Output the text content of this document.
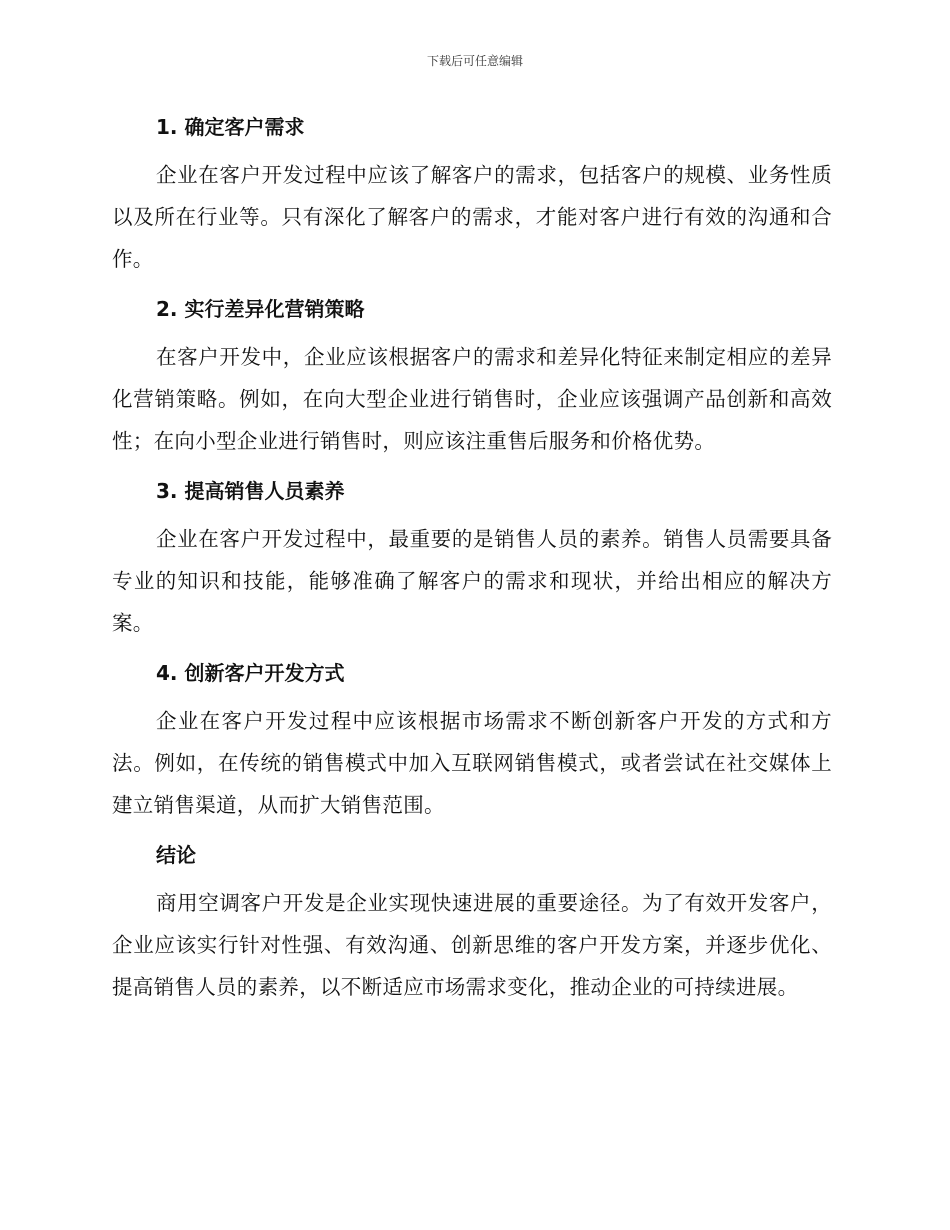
下载后可任意编辑
1. 确定客户需求

企业在客户开发过程中应该了解客户的需求，包括客户的规模、业务性质以及所在行业等。只有深化了解客户的需求，才能对客户进行有效的沟通和合作。

2. 实行差异化营销策略

在客户开发中，企业应该根据客户的需求和差异化特征来制定相应的差异化营销策略。例如，在向大型企业进行销售时，企业应该强调产品创新和高效性；在向小型企业进行销售时，则应该注重售后服务和价格优势。

3. 提高销售人员素养

企业在客户开发过程中，最重要的是销售人员的素养。销售人员需要具备专业的知识和技能，能够准确了解客户的需求和现状，并给出相应的解决方案。

4. 创新客户开发方式

企业在客户开发过程中应该根据市场需求不断创新客户开发的方式和方法。例如，在传统的销售模式中加入互联网销售模式，或者尝试在社交媒体上建立销售渠道，从而扩大销售范围。

结论

商用空调客户开发是企业实现快速进展的重要途径。为了有效开发客户，企业应该实行针对性强、有效沟通、创新思维的客户开发方案，并逐步优化、提高销售人员的素养，以不断适应市场需求变化，推动企业的可持续进展。
